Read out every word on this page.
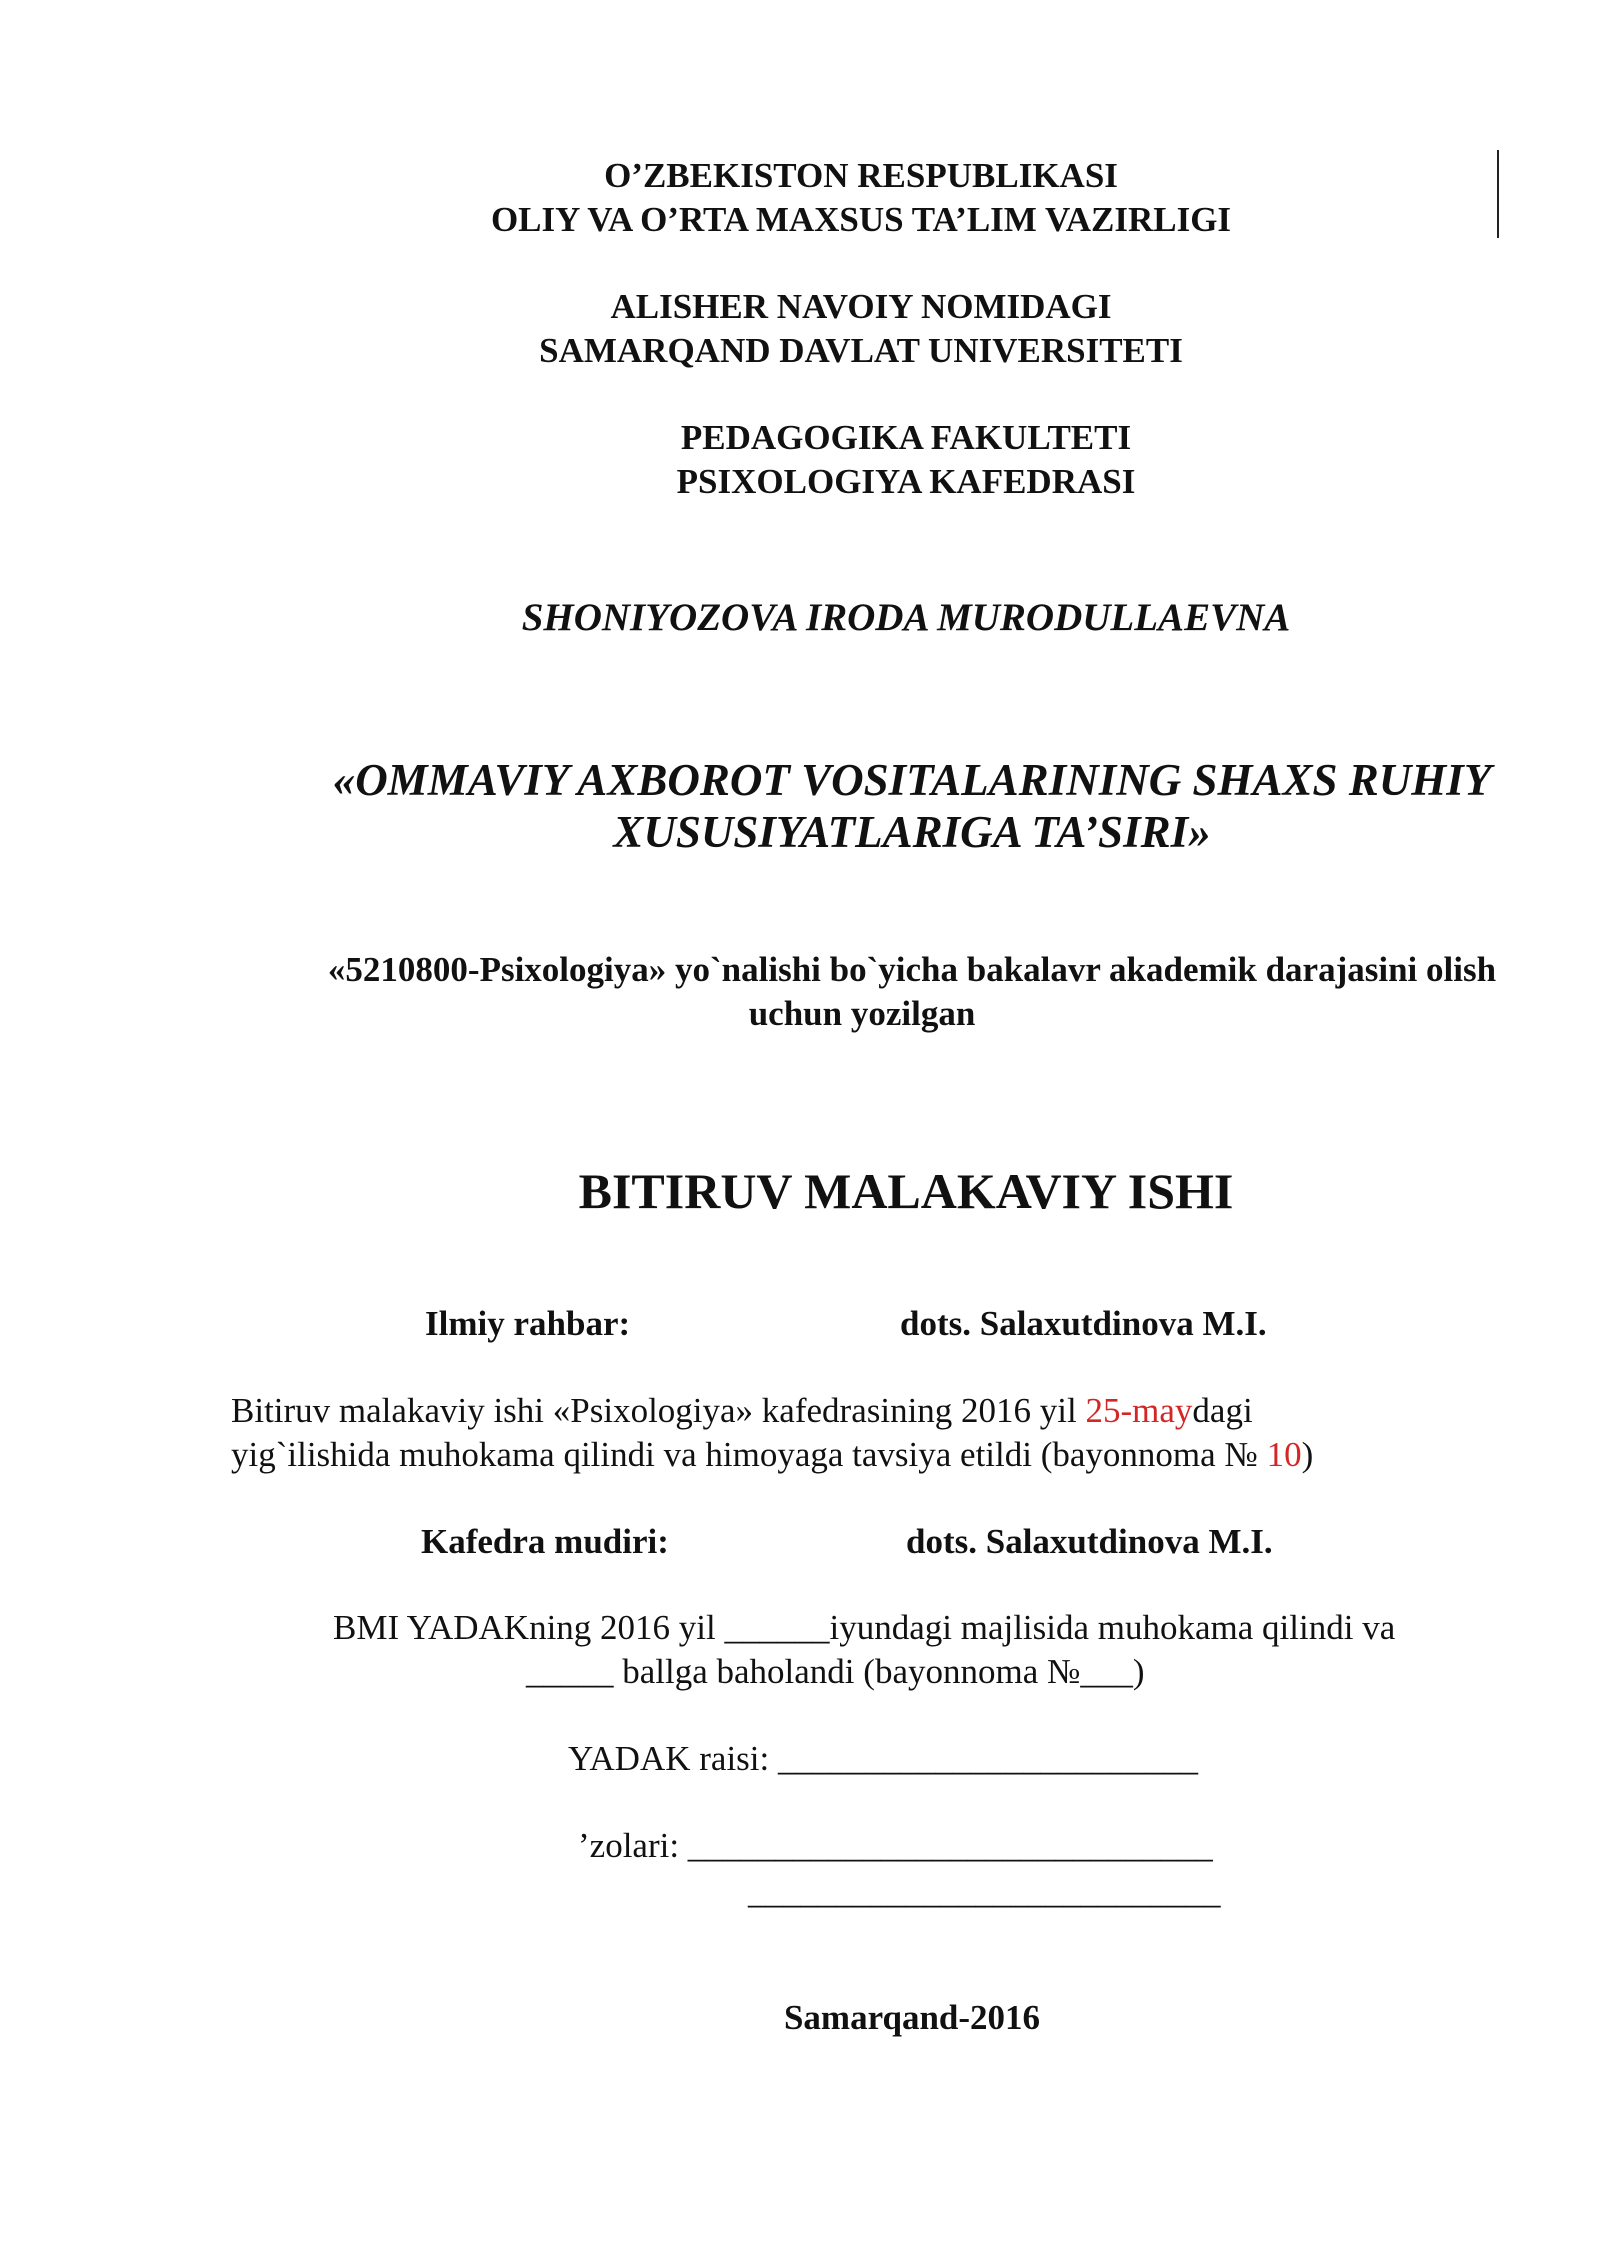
O’ZBEKISTON RESPUBLIKASI
OLIY VA O’RTA MAXSUS TA’LIM VAZIRLIGI
ALISHER NAVOIY NOMIDAGI
SAMARQAND DAVLAT UNIVERSITETI
PEDAGOGIKA FAKULTETI
PSIXOLOGIYA KAFEDRASI
SHONIYOZOVA IRODA MURODULLAEVNA
«OMMAVIY AXBOROT VOSITALARINING SHAXS RUHIY
XUSUSIYATLARIGA TA’SIRI»
«5210800-Psixologiya» yo`nalishi bo`yicha bakalavr akademik darajasini olish
uchun yozilgan
BITIRUV MALAKAVIY ISHI
Ilmiy rahbar:	dots. Salaxutdinova M.I.
Bitiruv malakaviy ishi «Psixologiya» kafedrasining 2016 yil 25-maydagi
yig`ilishida muhokama qilindi va himoyaga tavsiya etildi (bayonnoma № 10)
Kafedra mudiri:	dots. Salaxutdinova M.I.
BMI YADAKning 2016 yil ______iyundagi majlisida muhokama qilindi va
_____ ballga baholandi (bayonnoma №___)
YADAK raisi: ________________________
’zolari: ______________________________
___________________________
Samarqand-2016
